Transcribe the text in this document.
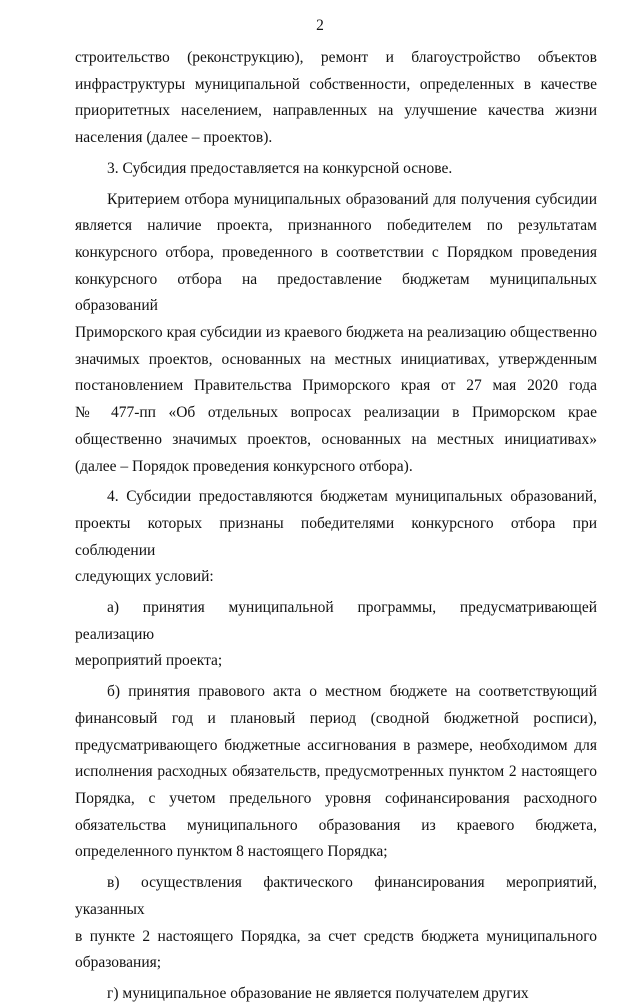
2
строительство (реконструкцию), ремонт и благоустройство объектов
инфраструктуры муниципальной собственности, определенных в качестве
приоритетных населением, направленных на улучшение качества жизни
населения (далее – проектов).
3. Субсидия предоставляется на конкурсной основе.
Критерием отбора муниципальных образований для получения субсидии
является наличие проекта, признанного победителем по результатам
конкурсного отбора, проведенного в соответствии с Порядком проведения
конкурсного отбора на предоставление бюджетам муниципальных образований
Приморского края субсидии из краевого бюджета на реализацию общественно
значимых проектов, основанных на местных инициативах, утвержденным
постановлением Правительства Приморского края от 27 мая 2020 года
№ 477-пп «Об отдельных вопросах реализации в Приморском крае
общественно значимых проектов, основанных на местных инициативах»
(далее – Порядок проведения конкурсного отбора).
4. Субсидии предоставляются бюджетам муниципальных образований,
проекты которых признаны победителями конкурсного отбора при соблюдении
следующих условий:
а) принятия муниципальной программы, предусматривающей реализацию
мероприятий проекта;
б) принятия правового акта о местном бюджете на соответствующий
финансовый год и плановый период (сводной бюджетной росписи),
предусматривающего бюджетные ассигнования в размере, необходимом для
исполнения расходных обязательств, предусмотренных пунктом 2 настоящего
Порядка, с учетом предельного уровня софинансирования расходного
обязательства муниципального образования из краевого бюджета,
определенного пунктом 8 настоящего Порядка;
в) осуществления фактического финансирования мероприятий, указанных
в пункте 2 настоящего Порядка, за счет средств бюджета муниципального
образования;
г) муниципальное образование не является получателем других
